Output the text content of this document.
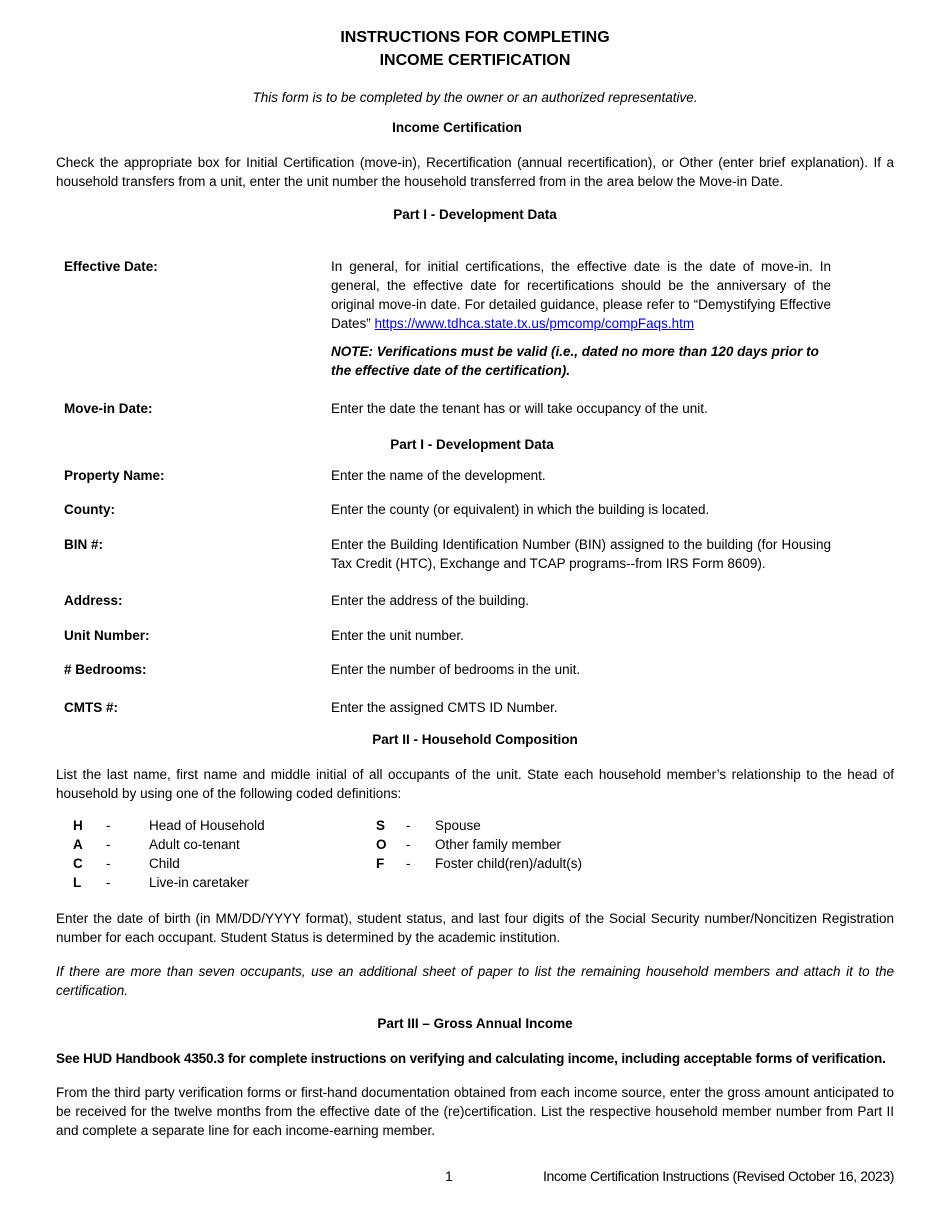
INSTRUCTIONS FOR COMPLETING
INCOME CERTIFICATION
This form is to be completed by the owner or an authorized representative.
Income Certification
Check the appropriate box for Initial Certification (move-in), Recertification (annual recertification), or Other (enter brief explanation). If a household transfers from a unit, enter the unit number the household transferred from in the area below the Move-in Date.
Part I - Development Data
Effective Date:	In general, for initial certifications, the effective date is the date of move-in. In general, the effective date for recertifications should be the anniversary of the original move-in date. For detailed guidance, please refer to “Demystifying Effective Dates” https://www.tdhca.state.tx.us/pmcomp/compFaqs.htm
NOTE: Verifications must be valid (i.e., dated no more than 120 days prior to the effective date of the certification).
Move-in Date:	Enter the date the tenant has or will take occupancy of the unit.
Part I - Development Data
Property Name:	Enter the name of the development.
County:	Enter the county (or equivalent) in which the building is located.
BIN #:	Enter the Building Identification Number (BIN) assigned to the building (for Housing Tax Credit (HTC), Exchange and TCAP programs--from IRS Form 8609).
Address:	Enter the address of the building.
Unit Number:	Enter the unit number.
# Bedrooms:	Enter the number of bedrooms in the unit.
CMTS #:	Enter the assigned CMTS ID Number.
Part II - Household Composition
List the last name, first name and middle initial of all occupants of the unit. State each household member’s relationship to the head of household by using one of the following coded definitions:
H	-	Head of Household
A	-	Adult co-tenant
C	-	Child
L	-	Live-in caretaker
S	-	Spouse
O	-	Other family member
F	-	Foster child(ren)/adult(s)
Enter the date of birth (in MM/DD/YYYY format), student status, and last four digits of the Social Security number/Noncitizen Registration number for each occupant. Student Status is determined by the academic institution.
If there are more than seven occupants, use an additional sheet of paper to list the remaining household members and attach it to the certification.
Part III – Gross Annual Income
See HUD Handbook 4350.3 for complete instructions on verifying and calculating income, including acceptable forms of verification.
From the third party verification forms or first-hand documentation obtained from each income source, enter the gross amount anticipated to be received for the twelve months from the effective date of the (re)certification. List the respective household member number from Part II and complete a separate line for each income-earning member.
1	Income Certification Instructions (Revised October 16, 2023)
